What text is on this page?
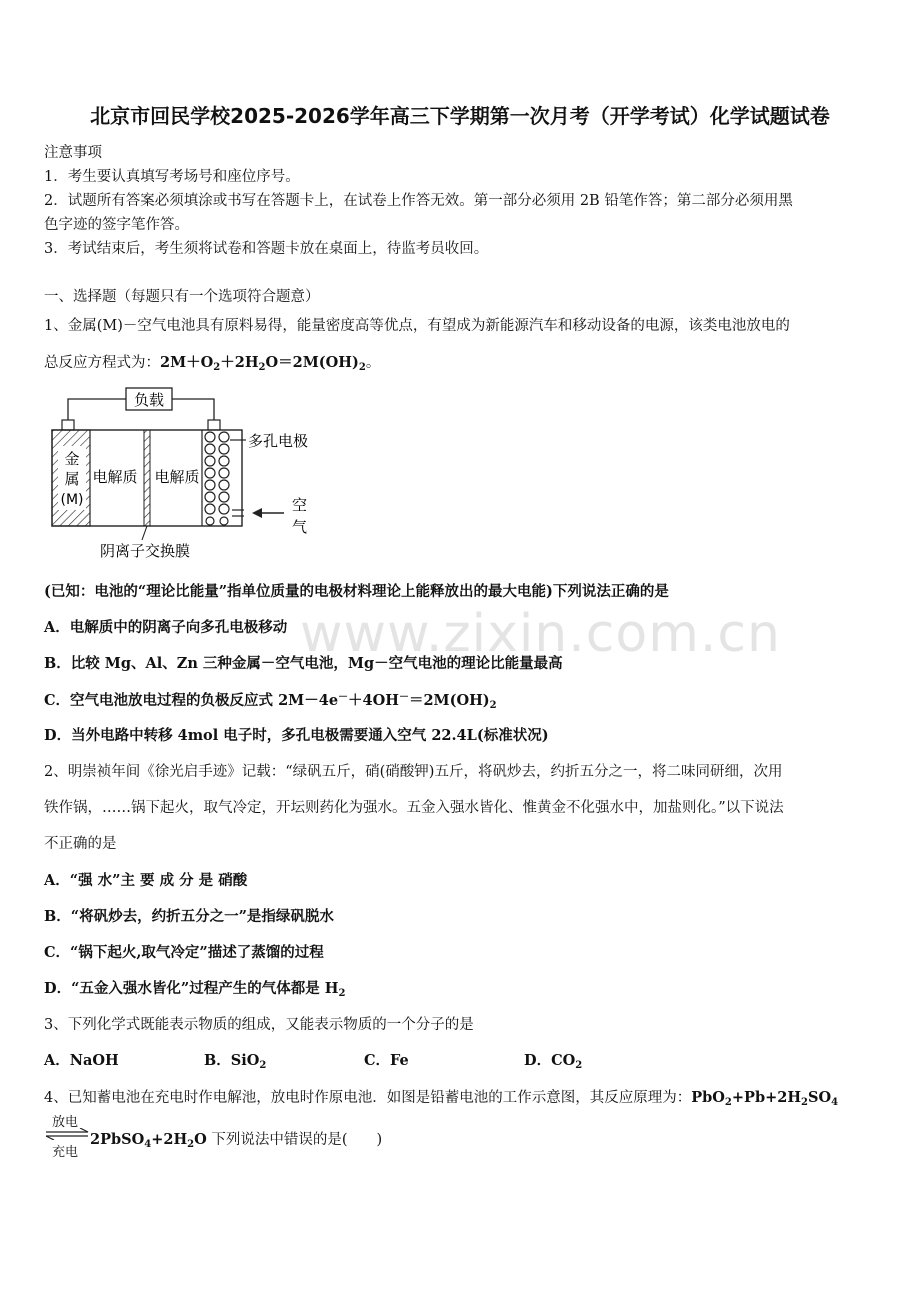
www.zixin.com.cn
北京市回民学校2025-2026学年高三下学期第一次月考（开学考试）化学试题试卷
注意事项
1．考生要认真填写考场号和座位序号。
2．试题所有答案必须填涂或书写在答题卡上，在试卷上作答无效。第一部分必须用 2B 铅笔作答；第二部分必须用黑
色字迹的签字笔作答。
3．考试结束后，考生须将试卷和答题卡放在桌面上，待监考员收回。
一、选择题（每题只有一个选项符合题意）
1、金属(M)－空气电池具有原料易得，能量密度高等优点，有望成为新能源汽车和移动设备的电源，该类电池放电的
总反应方程式为：$2M+O_2+2H_2O=2M(OH)_2$。
负载
金
属
(M)
电解质 电解质
多孔电极
空
气
阴离子交换膜
(已知：电池的“理论比能量”指单位质量的电极材料理论上能释放出的最大电能)下列说法正确的是
A．电解质中的阴离子向多孔电极移动
B．比较 Mg、Al、Zn 三种金属－空气电池，Mg－空气电池的理论比能量最高
C．空气电池放电过程的负极反应式 $2M-4e^-+4OH^-=2M(OH)_2$
D．当外电路中转移 4mol 电子时，多孔电极需要通入空气 22.4L(标准状况)
2、明崇祯年间《徐光启手迹》记载：“绿矾五斤，硝(硝酸钾)五斤，将矾炒去，约折五分之一，将二味同研细，次用
铁作锅，……锅下起火，取气冷定，开坛则药化为强水。五金入强水皆化、惟黄金不化强水中，加盐则化。”以下说法
不正确的是
A．“强 水”主 要 成 分 是 硝酸
B．“将矾炒去，约折五分之一”是指绿矾脱水
C．“锅下起火,取气冷定”描述了蒸馏的过程
D．“五金入强水皆化”过程产生的气体都是 $H_2$
3、下列化学式既能表示物质的组成，又能表示物质的一个分子的是
A．NaOH	B．SiO$_2$	C．Fe	D．$CO_2$
4、已知蓄电池在充电时作电解池，放电时作原电池．如图是铅蓄电池的工作示意图，其反应原理为：$PbO_2+Pb+2H_2SO_4$
放电
充电
$2PbSO_4+2H_2O$ 下列说法中错误的是(　　)
